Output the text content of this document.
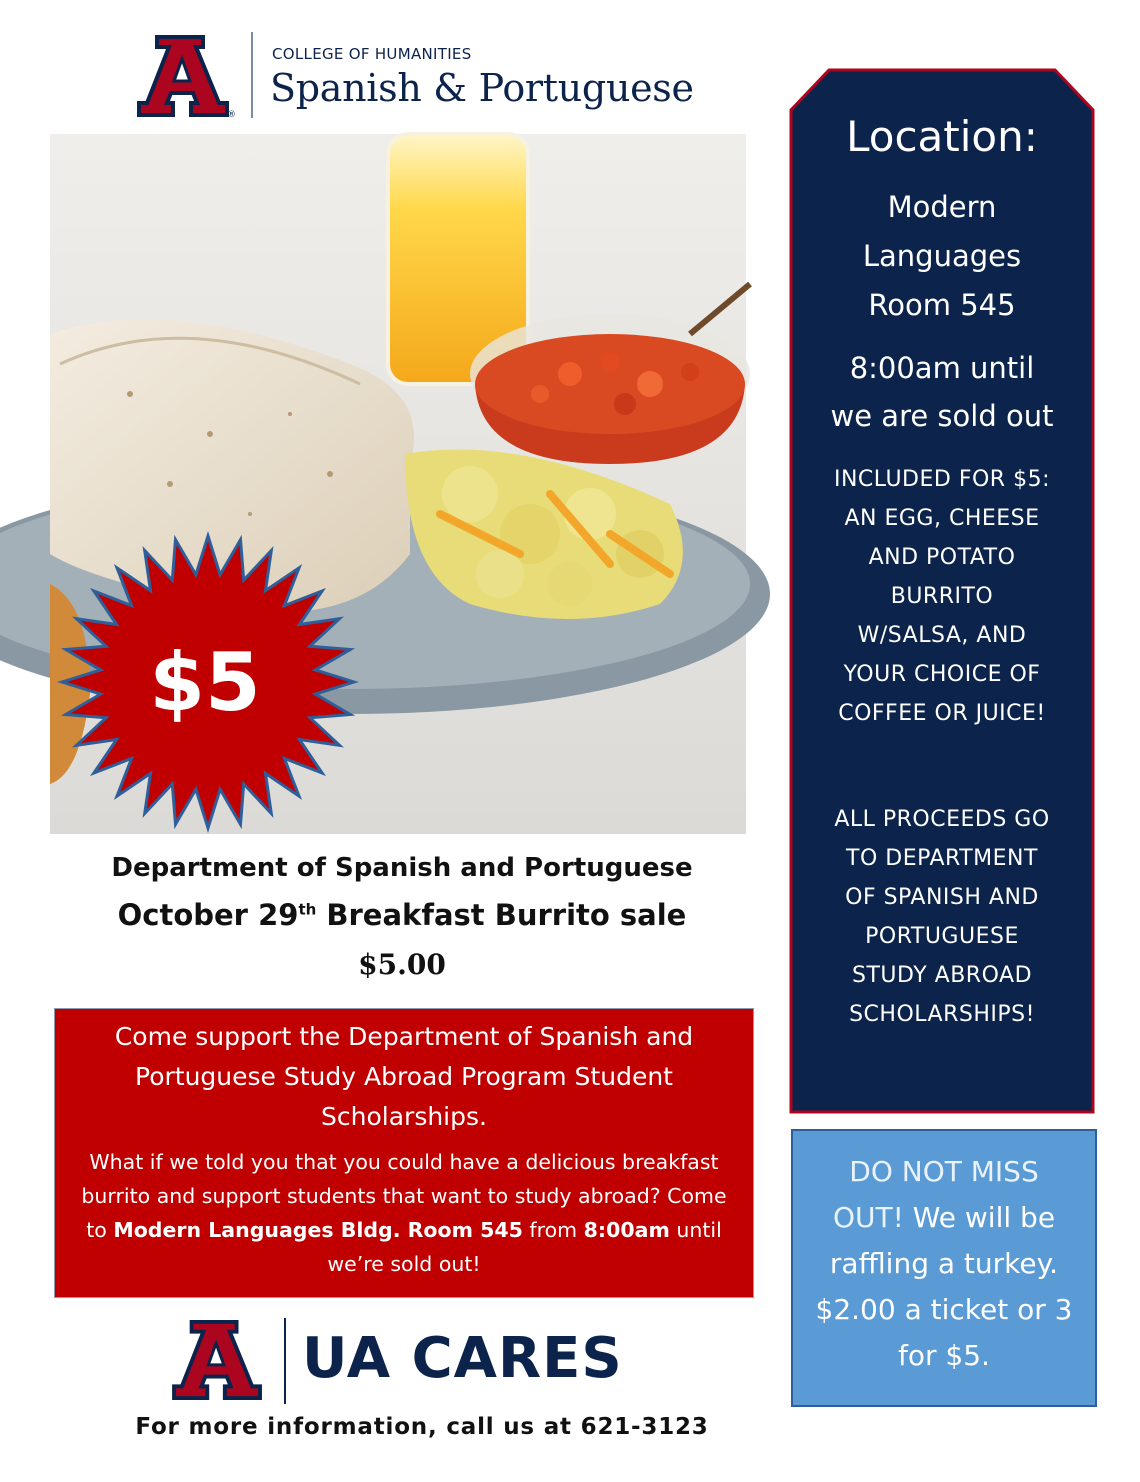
®
COLLEGE OF HUMANITIES
Spanish & Portuguese
$5
Department of Spanish and Portuguese
October 29th Breakfast Burrito sale
$5.00
Come support the Department of Spanish and Portuguese Study Abroad Program Student Scholarships.
What if we told you that you could have a delicious breakfast burrito and support students that want to study abroad? Come to Modern Languages Bldg. Room 545 from 8:00am until we’re sold out!
UA CARES
For more information, call us at 621-3123
Location:
Modern
Languages
Room 545
8:00am until
we are sold out
INCLUDED FOR $5:
AN EGG, CHEESE
AND POTATO
BURRITO
W/SALSA, AND
YOUR CHOICE OF
COFFEE OR JUICE!
ALL PROCEEDS GO
TO DEPARTMENT
OF SPANISH AND
PORTUGUESE
STUDY ABROAD
SCHOLARSHIPS!
DO NOT MISS
OUT! We will be
raffling a turkey.
$2.00 a ticket or 3
for $5.
